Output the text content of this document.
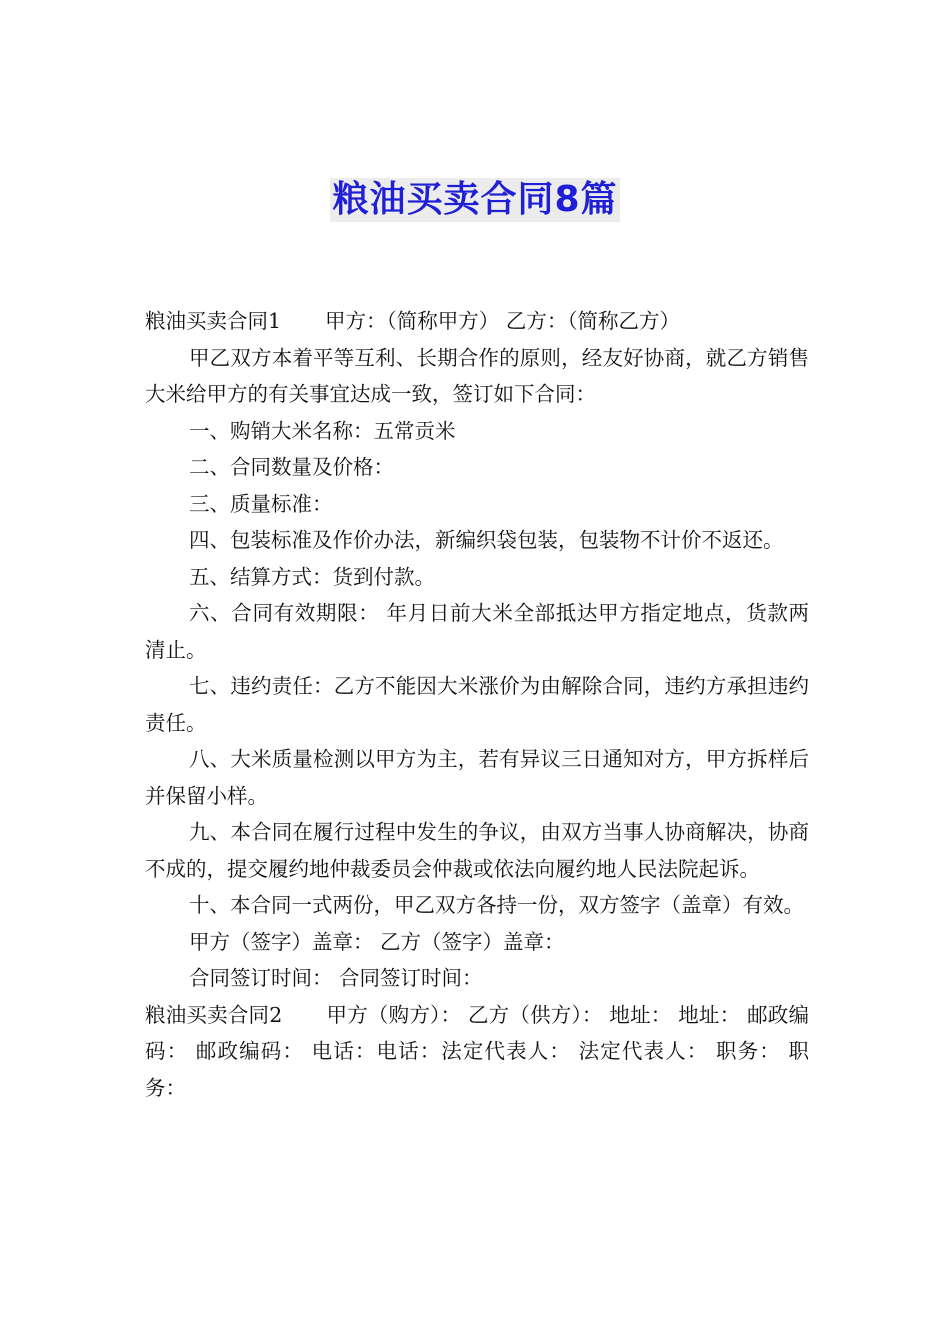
粮油买卖合同8篇

粮油买卖合同1 甲方：（简称甲方） 乙方：（简称乙方）

甲乙双方本着平等互利、长期合作的原则，经友好协商，就乙方销售大米给甲方的有关事宜达成一致，签订如下合同：

一、购销大米名称：五常贡米

二、合同数量及价格：

三、质量标准：

四、包装标准及作价办法，新编织袋包装，包装物不计价不返还。

五、结算方式：货到付款。

六、合同有效期限： 年月日前大米全部抵达甲方指定地点，货款两清止。

七、违约责任：乙方不能因大米涨价为由解除合同，违约方承担违约责任。

八、大米质量检测以甲方为主，若有异议三日通知对方，甲方拆样后并保留小样。

九、本合同在履行过程中发生的争议，由双方当事人协商解决，协商不成的，提交履约地仲裁委员会仲裁或依法向履约地人民法院起诉。

十、本合同一式两份，甲乙双方各持一份，双方签字（盖章）有效。

甲方（签字）盖章： 乙方（签字）盖章：

合同签订时间： 合同签订时间：

粮油买卖合同2 甲方（购方）： 乙方（供方）： 地址： 地址： 邮政编码： 邮政编码： 电话：电话：法定代表人： 法定代表人： 职务： 职务：
